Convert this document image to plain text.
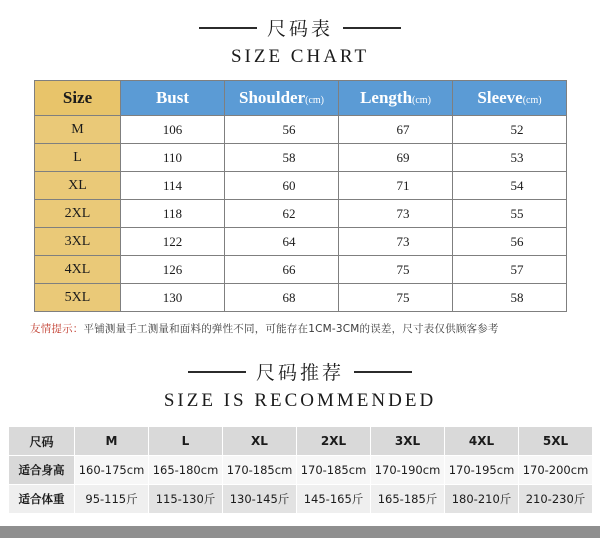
尺码表
SIZE CHART
Size	Bust	Shoulder(cm)	Length(cm)	Sleeve(cm)
M	106	56	67	52
L	110	58	69	53
XL	114	60	71	54
2XL	118	62	73	55
3XL	122	64	73	56
4XL	126	66	75	57
5XL	130	68	75	58
友情提示：平铺测量手工测量和面料的弹性不同，可能存在1CM-3CM的误差，尺寸表仅供顾客参考
尺码推荐
SIZE IS RECOMMENDED
尺码	M	L	XL	2XL	3XL	4XL	5XL
适合身高	160-175cm	165-180cm	170-185cm	170-185cm	170-190cm	170-195cm	170-200cm
适合体重	95-115斤	115-130斤	130-145斤	145-165斤	165-185斤	180-210斤	210-230斤
